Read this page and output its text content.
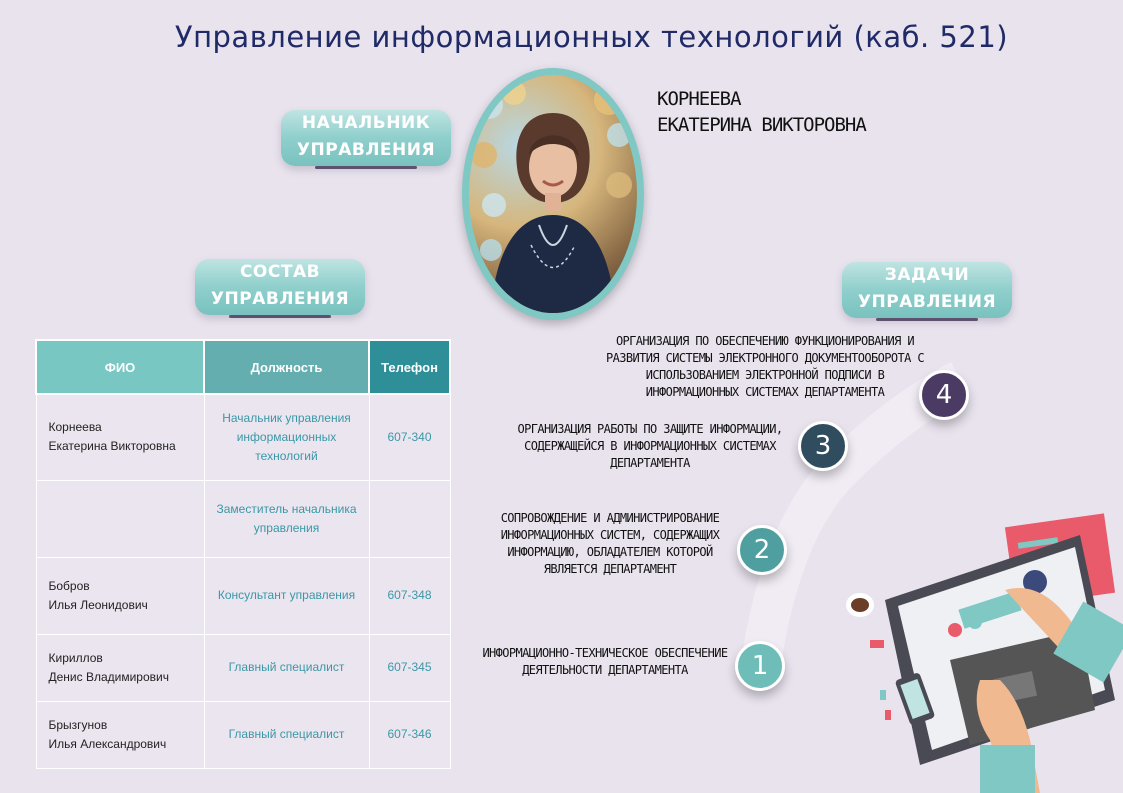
Управление информационных технологий (каб. 521)
НАЧАЛЬНИК
УПРАВЛЕНИЯ
КОРНЕЕВА
ЕКАТЕРИНА ВИКТОРОВНА
СОСТАВ
УПРАВЛЕНИЯ
ЗАДАЧИ
УПРАВЛЕНИЯ
ФИО	Должность	Телефон

Корнеева
Екатерина Викторовна	Начальник управления информационных технологий	607-340

	Заместитель начальника управления	

Бобров
Илья Леонидович	Консультант управления	607-348

Кириллов
Денис Владимирович	Главный специалист	607-345

Брызгунов
Илья Александрович	Главный специалист	607-346
ОРГАНИЗАЦИЯ ПО ОБЕСПЕЧЕНИЮ ФУНКЦИОНИРОВАНИЯ И РАЗВИТИЯ СИСТЕМЫ ЭЛЕКТРОННОГО ДОКУМЕНТООБОРОТА С ИСПОЛЬЗОВАНИЕМ ЭЛЕКТРОННОЙ ПОДПИСИ В ИНФОРМАЦИОННЫХ СИСТЕМАХ ДЕПАРТАМЕНТА	4
ОРГАНИЗАЦИЯ РАБОТЫ ПО ЗАЩИТЕ ИНФОРМАЦИИ, СОДЕРЖАЩЕЙСЯ В ИНФОРМАЦИОННЫХ СИСТЕМАХ ДЕПАРТАМЕНТА
3
СОПРОВОЖДЕНИЕ И АДМИНИСТРИРОВАНИЕ ИНФОРМАЦИОННЫХ СИСТЕМ, СОДЕРЖАЩИХ ИНФОРМАЦИЮ, ОБЛАДАТЕЛЕМ КОТОРОЙ ЯВЛЯЕТСЯ ДЕПАРТАМЕНТ
2
ИНФОРМАЦИОННО-ТЕХНИЧЕСКОЕ ОБЕСПЕЧЕНИЕ ДЕЯТЕЛЬНОСТИ ДЕПАРТАМЕНТА	1
